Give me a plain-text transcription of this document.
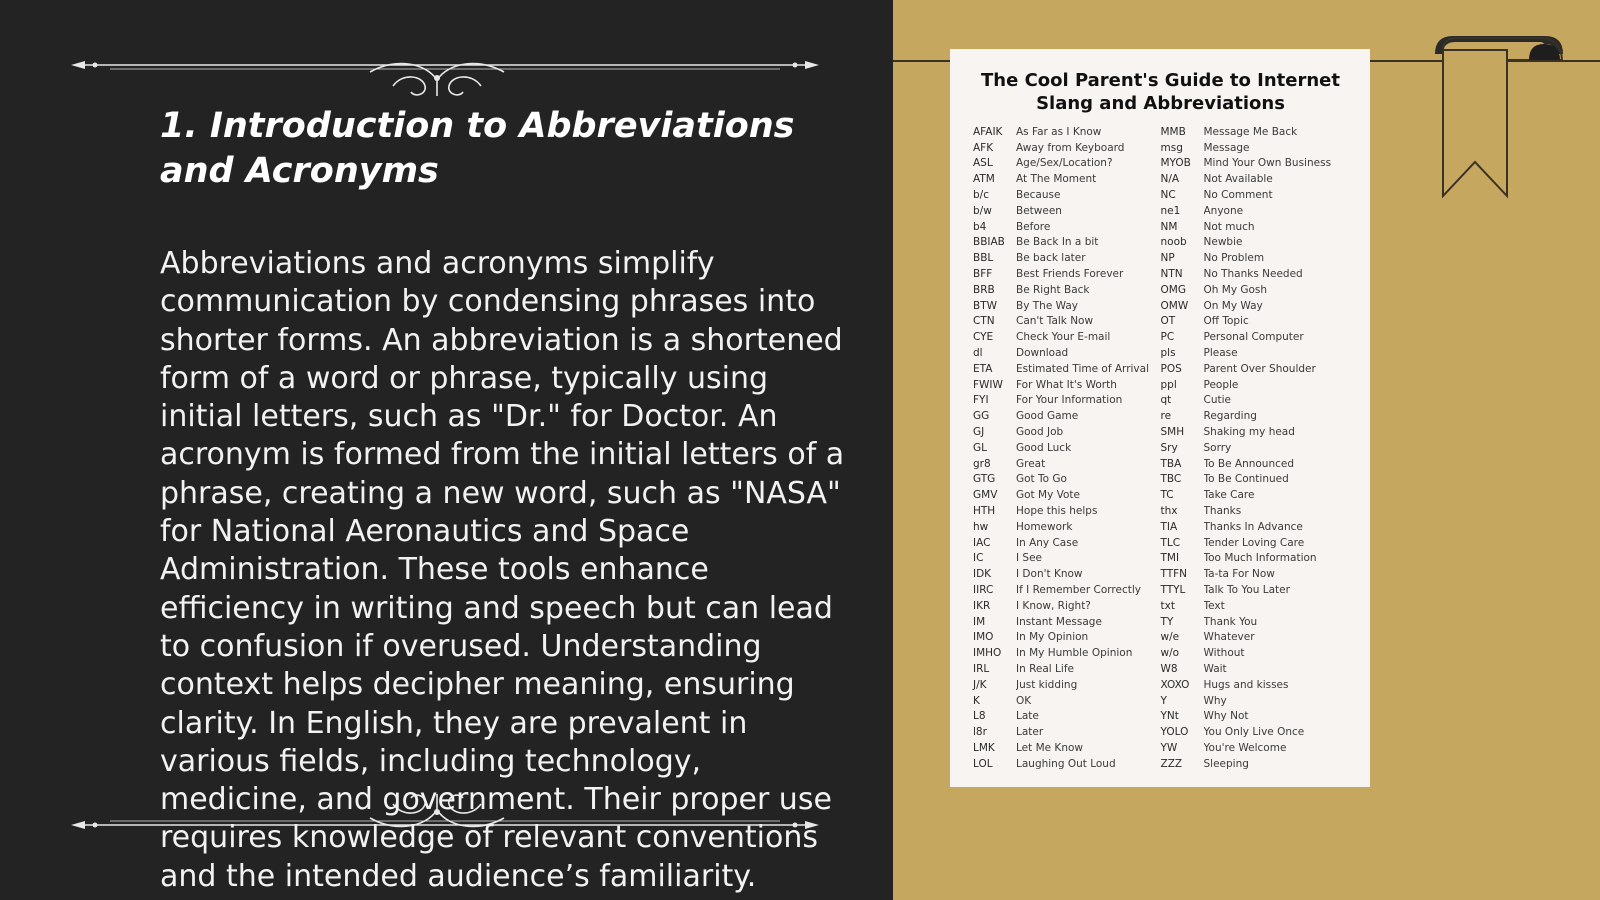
1. Introduction to Abbreviations and Acronyms

Abbreviations and acronyms simplify communication by condensing phrases into shorter forms. An abbreviation is a shortened form of a word or phrase, typically using initial letters, such as "Dr." for Doctor. An acronym is formed from the initial letters of a phrase, creating a new word, such as "NASA" for National Aeronautics and Space Administration. These tools enhance efficiency in writing and speech but can lead to confusion if overused. Understanding context helps decipher meaning, ensuring clarity. In English, they are prevalent in various fields, including technology, medicine, and government. Their proper use requires knowledge of relevant conventions and the intended audience’s familiarity.

The Cool Parent's Guide to Internet Slang and Abbreviations
AFAIK	As Far as I Know
AFK	Away from Keyboard
ASL	Age/Sex/Location?
ATM	At The Moment
b/c	Because
b/w	Between
b4	Before
BBIAB	Be Back In a bit
BBL	Be back later
BFF	Best Friends Forever
BRB	Be Right Back
BTW	By The Way
CTN	Can't Talk Now
CYE	Check Your E-mail
dl	Download
ETA	Estimated Time of Arrival
FWIW	For What It's Worth
FYI	For Your Information
GG	Good Game
GJ	Good Job
GL	Good Luck
gr8	Great
GTG	Got To Go
GMV	Got My Vote
HTH	Hope this helps
hw	Homework
IAC	In Any Case
IC	I See
IDK	I Don't Know
IIRC	If I Remember Correctly
IKR	I Know, Right?
IM	Instant Message
IMO	In My Opinion
IMHO	In My Humble Opinion
IRL	In Real Life
J/K	Just kidding
K	OK
L8	Late
l8r	Later
LMK	Let Me Know
LOL	Laughing Out Loud
MMB	Message Me Back
msg	Message
MYOB	Mind Your Own Business
N/A	Not Available
NC	No Comment
ne1	Anyone
NM	Not much
noob	Newbie
NP	No Problem
NTN	No Thanks Needed
OMG	Oh My Gosh
OMW	On My Way
OT	Off Topic
PC	Personal Computer
pls	Please
POS	Parent Over Shoulder
ppl	People
qt	Cutie
re	Regarding
SMH	Shaking my head
Sry	Sorry
TBA	To Be Announced
TBC	To Be Continued
TC	Take Care
thx	Thanks
TIA	Thanks In Advance
TLC	Tender Loving Care
TMI	Too Much Information
TTFN	Ta-ta For Now
TTYL	Talk To You Later
txt	Text
TY	Thank You
w/e	Whatever
w/o	Without
W8	Wait
XOXO	Hugs and kisses
Y	Why
YNt	Why Not
YOLO	You Only Live Once
YW	You're Welcome
ZZZ	Sleeping
